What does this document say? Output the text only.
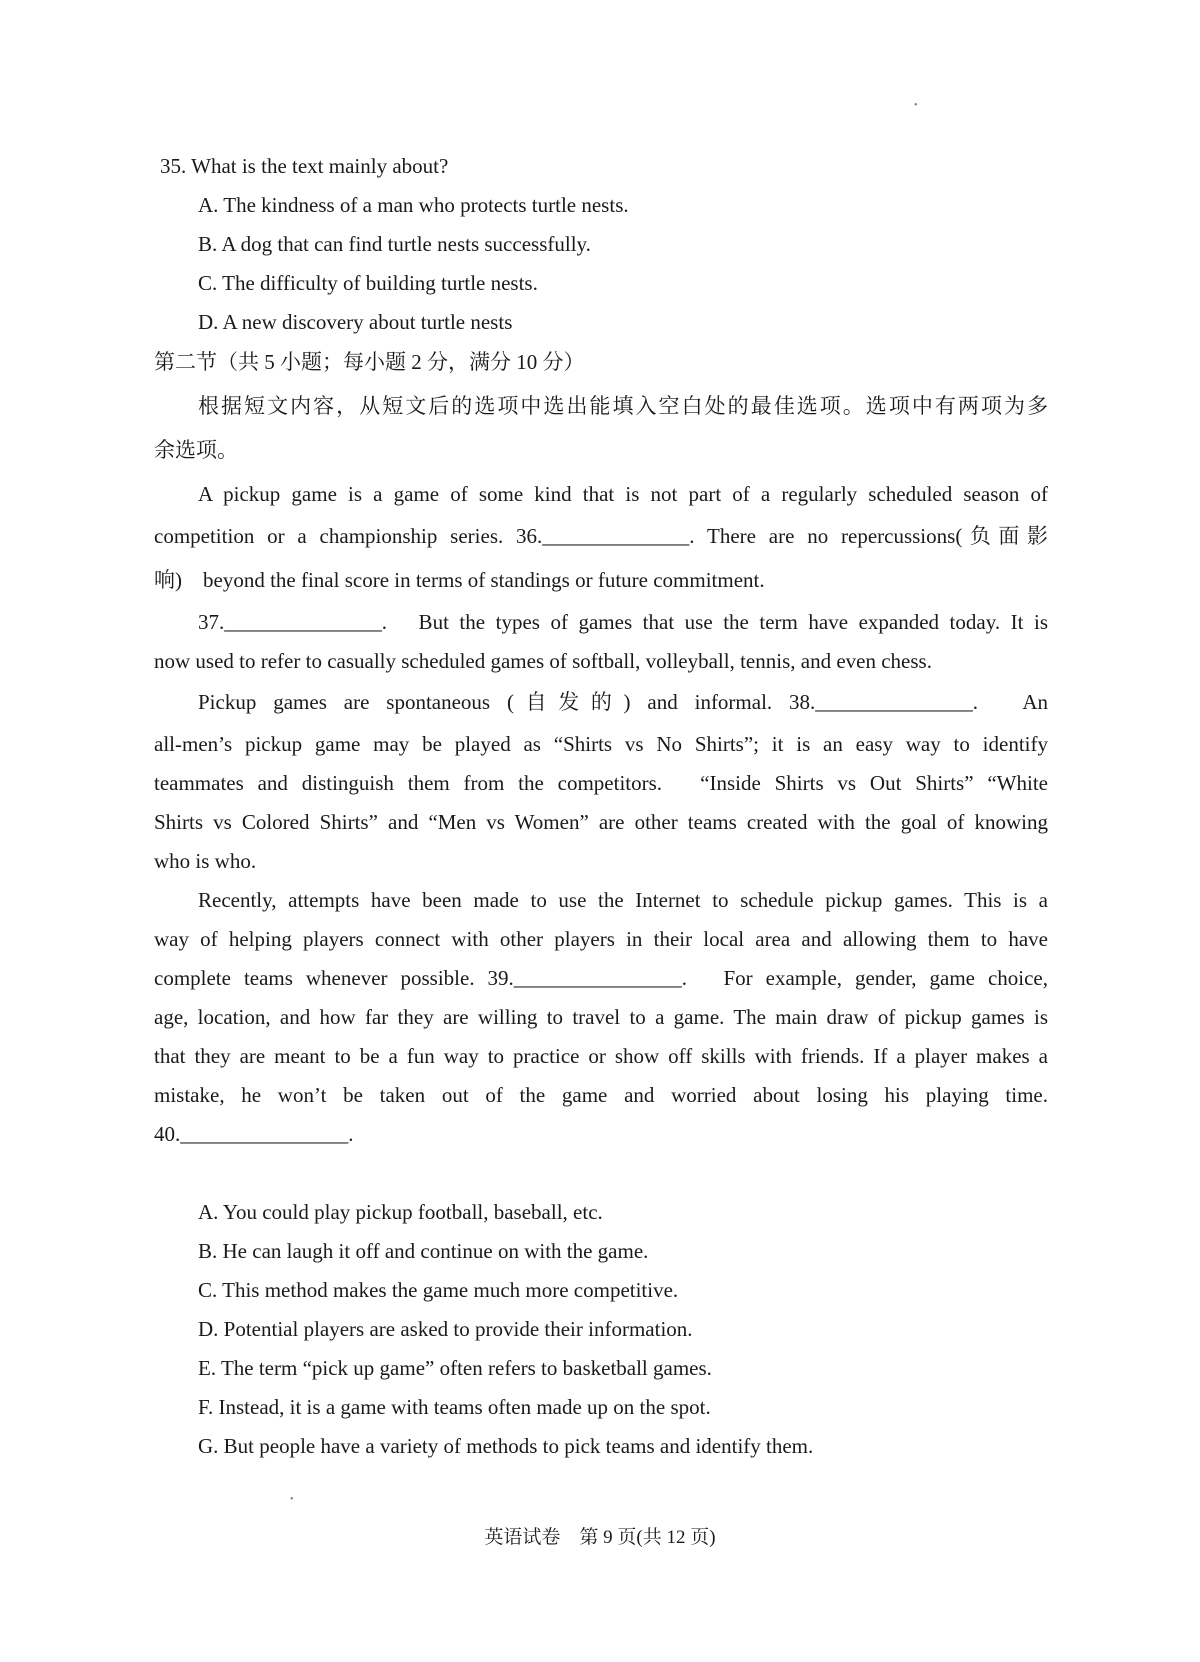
•
35. What is the text mainly about?
A. The kindness of a man who protects turtle nests.
B. A dog that can find turtle nests successfully.
C. The difficulty of building turtle nests.
D. A new discovery about turtle nests
第二节（共 5 小题；每小题 2 分，满分 10 分）
根据短文内容，从短文后的选项中选出能填入空白处的最佳选项。选项中有两项为多
余选项。
A pickup game is a game of some kind that is not part of a regularly scheduled season of
competition or a championship series. 36.______________. There are no repercussions(负面影
响)　beyond the final score in terms of standings or future commitment.
37._______________.　But the types of games that use the term have expanded today. It is
now used to refer to casually scheduled games of softball, volleyball, tennis, and even chess.
Pickup games are spontaneous (自发的) and informal. 38._______________.　An
all-men’s pickup game may be played as “Shirts vs No Shirts”; it is an easy way to identify
teammates and distinguish them from the competitors.　“Inside Shirts vs Out Shirts” “White
Shirts vs Colored Shirts” and “Men vs Women” are other teams created with the goal of knowing
who is who.
Recently, attempts have been made to use the Internet to schedule pickup games. This is a
way of helping players connect with other players in their local area and allowing them to have
complete teams whenever possible. 39.________________.　For example, gender, game choice,
age, location, and how far they are willing to travel to a game. The main draw of pickup games is
that they are meant to be a fun way to practice or show off skills with friends. If a player makes a
mistake, he won’t be taken out of the game and worried about losing his playing time.
40.________________.
A. You could play pickup football, baseball, etc.
B. He can laugh it off and continue on with the game.
C. This method makes the game much more competitive.
D. Potential players are asked to provide their information.
E. The term “pick up game” often refers to basketball games.
F. Instead, it is a game with teams often made up on the spot.
G. But people have a variety of methods to pick teams and identify them.
•
英语试卷　第 9 页(共 12 页)
